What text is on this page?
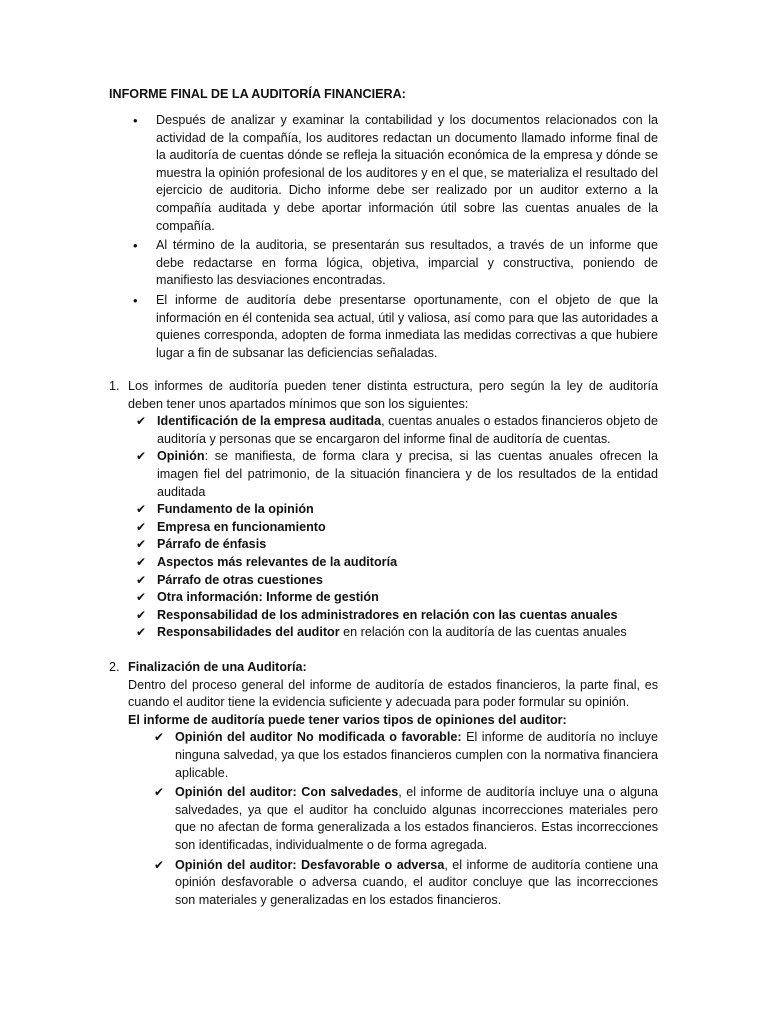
INFORME FINAL DE LA AUDITORÍA FINANCIERA:
• Después de analizar y examinar la contabilidad y los documentos relacionados con la actividad de la compañía, los auditores redactan un documento llamado informe final de la auditoría de cuentas dónde se refleja la situación económica de la empresa y dónde se muestra la opinión profesional de los auditores y en el que, se materializa el resultado del ejercicio de auditoria. Dicho informe debe ser realizado por un auditor externo a la compañía auditada y debe aportar información útil sobre las cuentas anuales de la compañía.
• Al término de la auditoria, se presentarán sus resultados, a través de un informe que debe redactarse en forma lógica, objetiva, imparcial y constructiva, poniendo de manifiesto las desviaciones encontradas.
• El informe de auditoría debe presentarse oportunamente, con el objeto de que la información en él contenida sea actual, útil y valiosa, así como para que las autoridades a quienes corresponda, adopten de forma inmediata las medidas correctivas a que hubiere lugar a fin de subsanar las deficiencias señaladas.
1. Los informes de auditoría pueden tener distinta estructura, pero según la ley de auditoría deben tener unos apartados mínimos que son los siguientes:
✔ Identificación de la empresa auditada, cuentas anuales o estados financieros objeto de auditoría y personas que se encargaron del informe final de auditoría de cuentas.
✔ Opinión: se manifiesta, de forma clara y precisa, si las cuentas anuales ofrecen la imagen fiel del patrimonio, de la situación financiera y de los resultados de la entidad auditada
✔ Fundamento de la opinión
✔ Empresa en funcionamiento
✔ Párrafo de énfasis
✔ Aspectos más relevantes de la auditoría
✔ Párrafo de otras cuestiones
✔ Otra información: Informe de gestión
✔ Responsabilidad de los administradores en relación con las cuentas anuales
✔ Responsabilidades del auditor en relación con la auditoría de las cuentas anuales
2. Finalización de una Auditoría:
Dentro del proceso general del informe de auditoría de estados financieros, la parte final, es cuando el auditor tiene la evidencia suficiente y adecuada para poder formular su opinión.
El informe de auditoría puede tener varios tipos de opiniones del auditor:
✔ Opinión del auditor No modificada o favorable: El informe de auditoría no incluye ninguna salvedad, ya que los estados financieros cumplen con la normativa financiera aplicable.
✔ Opinión del auditor: Con salvedades, el informe de auditoría incluye una o alguna salvedades, ya que el auditor ha concluido algunas incorrecciones materiales pero que no afectan de forma generalizada a los estados financieros. Estas incorrecciones son identificadas, individualmente o de forma agregada.
✔ Opinión del auditor: Desfavorable o adversa, el informe de auditoría contiene una opinión desfavorable o adversa cuando, el auditor concluye que las incorrecciones son materiales y generalizadas en los estados financieros.
